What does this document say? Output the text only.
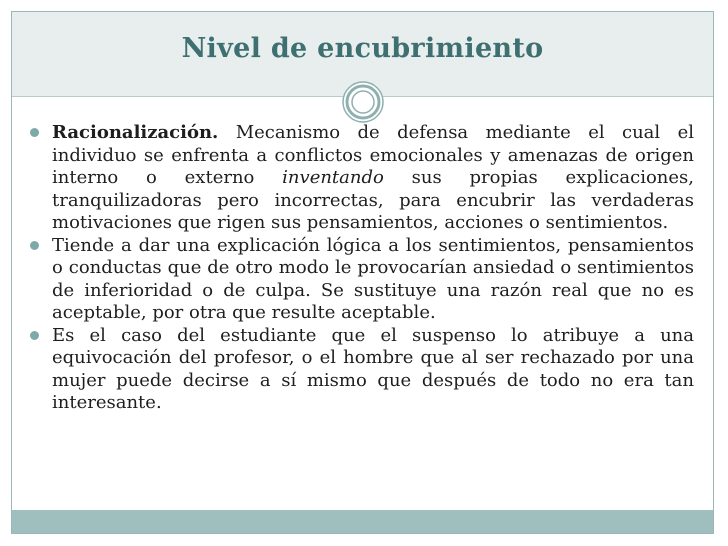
Nivel de encubrimiento
Racionalización. Mecanismo de defensa mediante el cual el individuo se enfrenta a conflictos emocionales y amenazas de origen interno o externo inventando sus propias explicaciones, tranquilizadoras pero incorrectas, para encubrir las verdaderas motivaciones que rigen sus pensamientos, acciones o sentimientos.
Tiende a dar una explicación lógica a los sentimientos, pensamientos o conductas que de otro modo le provocarían ansiedad o sentimientos de inferioridad o de culpa. Se sustituye una razón real que no es aceptable, por otra que resulte aceptable.
Es el caso del estudiante que el suspenso lo atribuye a una equivocación del profesor, o el hombre que al ser rechazado por una mujer puede decirse a sí mismo que después de todo no era tan interesante.
